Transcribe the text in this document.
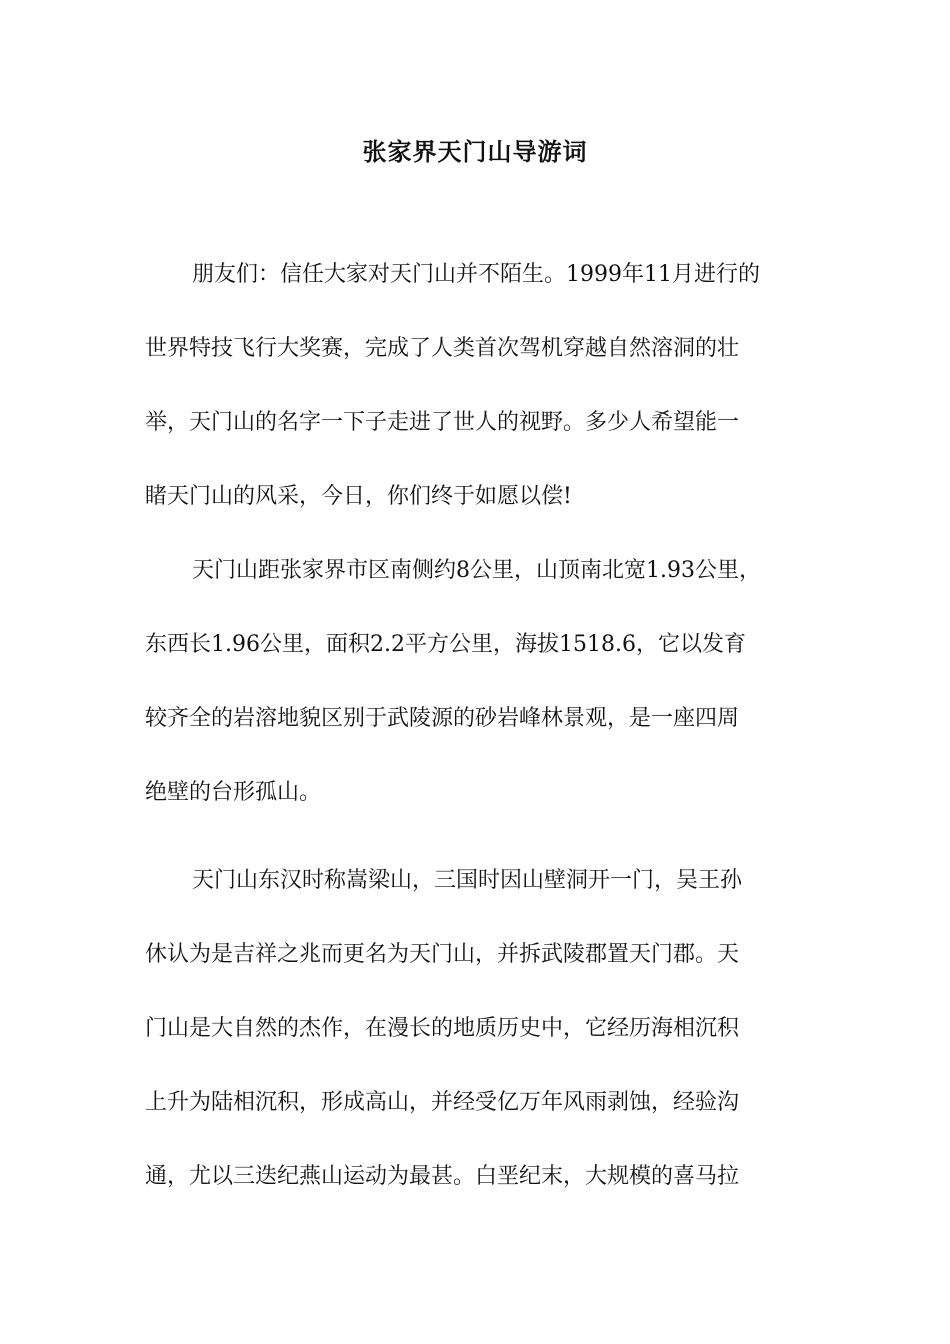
张家界天门山导游词
朋友们：信任大家对天门山并不陌生。1999年11月进行的
世界特技飞行大奖赛，完成了人类首次驾机穿越自然溶洞的壮
举，天门山的名字一下子走进了世人的视野。多少人希望能一
睹天门山的风采，今日，你们终于如愿以偿!
天门山距张家界市区南侧约8公里，山顶南北宽1.93公里，
东西长1.96公里，面积2.2平方公里，海拔1518.6，它以发育
较齐全的岩溶地貌区别于武陵源的砂岩峰林景观，是一座四周
绝壁的台形孤山。
天门山东汉时称嵩梁山，三国时因山壁洞开一门，吴王孙
休认为是吉祥之兆而更名为天门山，并拆武陵郡置天门郡。天
门山是大自然的杰作，在漫长的地质历史中，它经历海相沉积
上升为陆相沉积，形成高山，并经受亿万年风雨剥蚀，经验沟
通，尤以三迭纪燕山运动为最甚。白垩纪末，大规模的喜马拉
